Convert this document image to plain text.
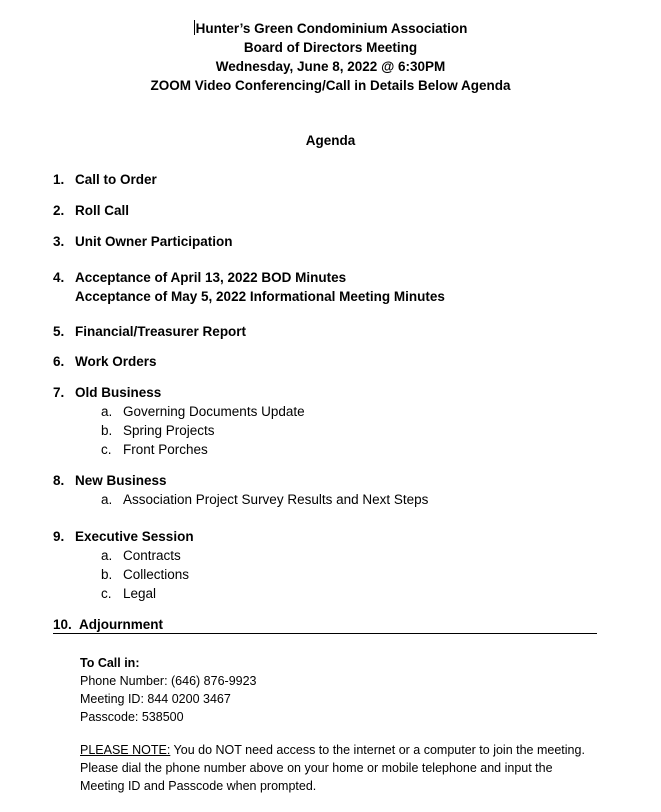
Hunter’s Green Condominium Association
Board of Directors Meeting
Wednesday, June 8, 2022 @ 6:30PM
ZOOM Video Conferencing/Call in Details Below Agenda
Agenda
1. Call to Order
2. Roll Call
3. Unit Owner Participation
4. Acceptance of April 13, 2022 BOD Minutes
Acceptance of May 5, 2022 Informational Meeting Minutes
5. Financial/Treasurer Report
6. Work Orders
7. Old Business
a. Governing Documents Update
b. Spring Projects
c. Front Porches
8. New Business
a. Association Project Survey Results and Next Steps
9. Executive Session
a. Contracts
b. Collections
c. Legal
10. Adjournment
To Call in:
Phone Number: (646) 876-9923
Meeting ID: 844 0200 3467
Passcode: 538500
PLEASE NOTE: You do NOT need access to the internet or a computer to join the meeting. Please dial the phone number above on your home or mobile telephone and input the Meeting ID and Passcode when prompted.
